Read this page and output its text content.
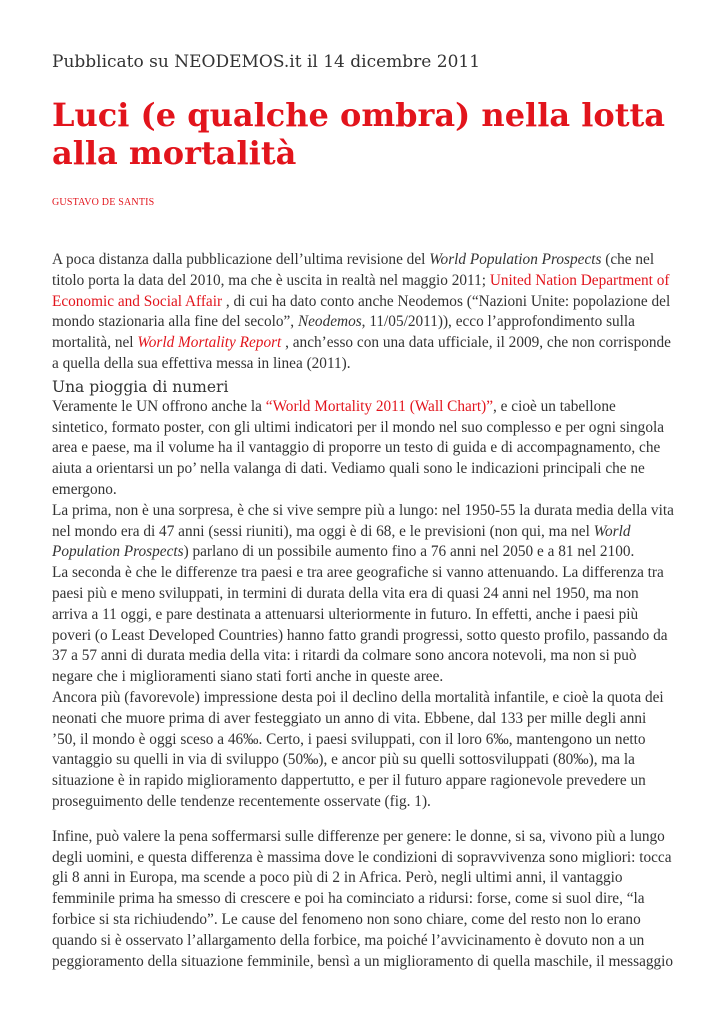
Pubblicato su NEODEMOS.it il 14 dicembre 2011
Luci (e qualche ombra) nella lotta alla mortalità
GUSTAVO DE SANTIS

A poca distanza dalla pubblicazione dell’ultima revisione del World Population Prospects (che nel titolo porta la data del 2010, ma che è uscita in realtà nel maggio 2011; United Nation Department of Economic and Social Affair , di cui ha dato conto anche Neodemos (“Nazioni Unite: popolazione del mondo stazionaria alla fine del secolo”, Neodemos, 11/05/2011)), ecco l’approfondimento sulla mortalità, nel World Mortality Report , anch’esso con una data ufficiale, il 2009, che non corrisponde a quella della sua effettiva messa in linea (2011).

Una pioggia di numeri

Veramente le UN offrono anche la “World Mortality 2011 (Wall Chart)”, e cioè un tabellone sintetico, formato poster, con gli ultimi indicatori per il mondo nel suo complesso e per ogni singola area e paese, ma il volume ha il vantaggio di proporre un testo di guida e di accompagnamento, che aiuta a orientarsi un po’ nella valanga di dati. Vediamo quali sono le indicazioni principali che ne emergono.

La prima, non è una sorpresa, è che si vive sempre più a lungo: nel 1950-55 la durata media della vita nel mondo era di 47 anni (sessi riuniti), ma oggi è di 68, e le previsioni (non qui, ma nel World Population Prospects) parlano di un possibile aumento fino a 76 anni nel 2050 e a 81 nel 2100.

La seconda è che le differenze tra paesi e tra aree geografiche si vanno attenuando. La differenza tra paesi più e meno sviluppati, in termini di durata della vita era di quasi 24 anni nel 1950, ma non arriva a 11 oggi, e pare destinata a attenuarsi ulteriormente in futuro. In effetti, anche i paesi più poveri (o Least Developed Countries) hanno fatto grandi progressi, sotto questo profilo, passando da 37 a 57 anni di durata media della vita: i ritardi da colmare sono ancora notevoli, ma non si può negare che i miglioramenti siano stati forti anche in queste aree.

Ancora più (favorevole) impressione desta poi il declino della mortalità infantile, e cioè la quota dei neonati che muore prima di aver festeggiato un anno di vita. Ebbene, dal 133 per mille degli anni ’50, il mondo è oggi sceso a 46‰. Certo, i paesi sviluppati, con il loro 6‰, mantengono un netto vantaggio su quelli in via di sviluppo (50‰), e ancor più su quelli sottosviluppati (80‰), ma la situazione è in rapido miglioramento dappertutto, e per il futuro appare ragionevole prevedere un proseguimento delle tendenze recentemente osservate (fig. 1).

Infine, può valere la pena soffermarsi sulle differenze per genere: le donne, si sa, vivono più a lungo degli uomini, e questa differenza è massima dove le condizioni di sopravvivenza sono migliori: tocca gli 8 anni in Europa, ma scende a poco più di 2 in Africa. Però, negli ultimi anni, il vantaggio femminile prima ha smesso di crescere e poi ha cominciato a ridursi: forse, come si suol dire, “la forbice si sta richiudendo”. Le cause del fenomeno non sono chiare, come del resto non lo erano quando si è osservato l’allargamento della forbice, ma poiché l’avvicinamento è dovuto non a un peggioramento della situazione femminile, bensì a un miglioramento di quella maschile, il messaggio
